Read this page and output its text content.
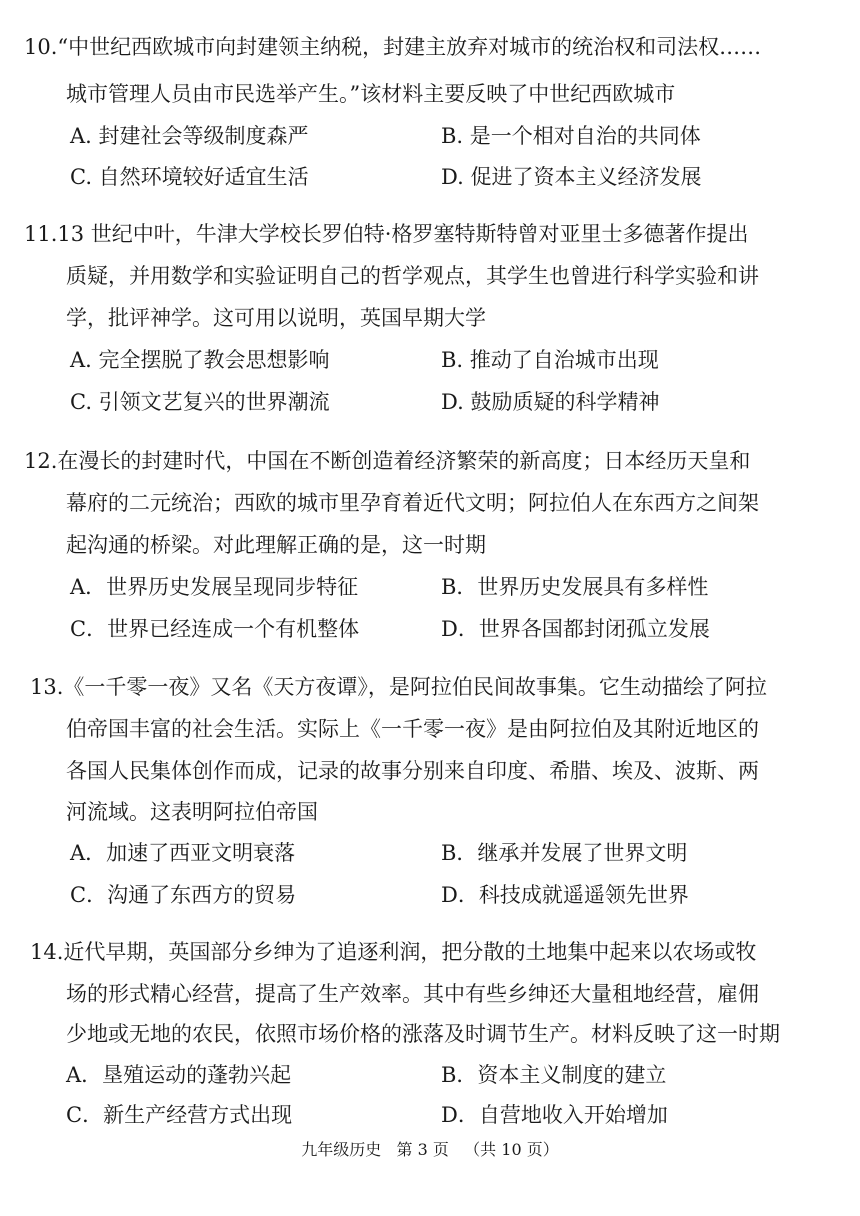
10.“中世纪西欧城市向封建领主纳税，封建主放弃对城市的统治权和司法权……
城市管理人员由市民选举产生。”该材料主要反映了中世纪西欧城市
A. 封建社会等级制度森严	B. 是一个相对自治的共同体
C. 自然环境较好适宜生活	D. 促进了资本主义经济发展
11.13 世纪中叶，牛津大学校长罗伯特·格罗塞特斯特曾对亚里士多德著作提出
质疑，并用数学和实验证明自己的哲学观点，其学生也曾进行科学实验和讲
学，批评神学。这可用以说明，英国早期大学
A. 完全摆脱了教会思想影响	B. 推动了自治城市出现
C. 引领文艺复兴的世界潮流	D. 鼓励质疑的科学精神
12.在漫长的封建时代，中国在不断创造着经济繁荣的新高度；日本经历天皇和
幕府的二元统治；西欧的城市里孕育着近代文明；阿拉伯人在东西方之间架
起沟通的桥梁。对此理解正确的是，这一时期
A．世界历史发展呈现同步特征	B．世界历史发展具有多样性
C．世界已经连成一个有机整体	D．世界各国都封闭孤立发展
13.《一千零一夜》又名《天方夜谭》，是阿拉伯民间故事集。它生动描绘了阿拉
伯帝国丰富的社会生活。实际上《一千零一夜》是由阿拉伯及其附近地区的
各国人民集体创作而成，记录的故事分别来自印度、希腊、埃及、波斯、两
河流域。这表明阿拉伯帝国
A．加速了西亚文明衰落	B．继承并发展了世界文明
C．沟通了东西方的贸易	D．科技成就遥遥领先世界
14.近代早期，英国部分乡绅为了追逐利润，把分散的土地集中起来以农场或牧
场的形式精心经营，提高了生产效率。其中有些乡绅还大量租地经营，雇佣
少地或无地的农民，依照市场价格的涨落及时调节生产。材料反映了这一时期
A．垦殖运动的蓬勃兴起	B．资本主义制度的建立
C．新生产经营方式出现	D．自营地收入开始增加
九年级历史 第 3 页 （共 10 页）
